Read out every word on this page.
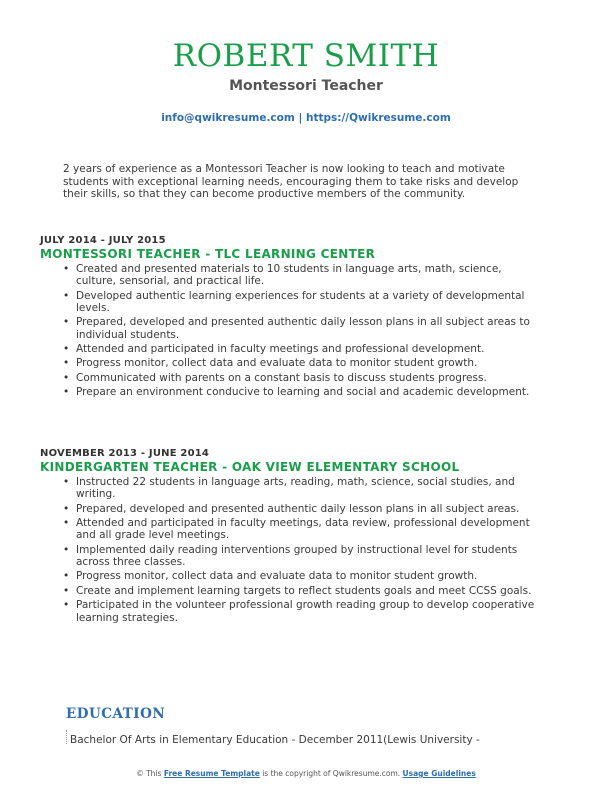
ROBERT SMITH
Montessori Teacher
info@qwikresume.com | https://Qwikresume.com
2 years of experience as a Montessori Teacher is now looking to teach and motivate students with exceptional learning needs, encouraging them to take risks and develop their skills, so that they can become productive members of the community.
JULY 2014 - JULY 2015
MONTESSORI TEACHER - TLC LEARNING CENTER
• Created and presented materials to 10 students in language arts, math, science, culture, sensorial, and practical life.
• Developed authentic learning experiences for students at a variety of developmental levels.
• Prepared, developed and presented authentic daily lesson plans in all subject areas to individual students.
• Attended and participated in faculty meetings and professional development.
• Progress monitor, collect data and evaluate data to monitor student growth.
• Communicated with parents on a constant basis to discuss students progress.
• Prepare an environment conducive to learning and social and academic development.
NOVEMBER 2013 - JUNE 2014
KINDERGARTEN TEACHER - OAK VIEW ELEMENTARY SCHOOL
• Instructed 22 students in language arts, reading, math, science, social studies, and writing.
• Prepared, developed and presented authentic daily lesson plans in all subject areas.
• Attended and participated in faculty meetings, data review, professional development and all grade level meetings.
• Implemented daily reading interventions grouped by instructional level for students across three classes.
• Progress monitor, collect data and evaluate data to monitor student growth.
• Create and implement learning targets to reflect students goals and meet CCSS goals.
• Participated in the volunteer professional growth reading group to develop cooperative learning strategies.
EDUCATION
Bachelor Of Arts in Elementary Education - December 2011(Lewis University -
© This Free Resume Template is the copyright of Qwikresume.com. Usage Guidelines
